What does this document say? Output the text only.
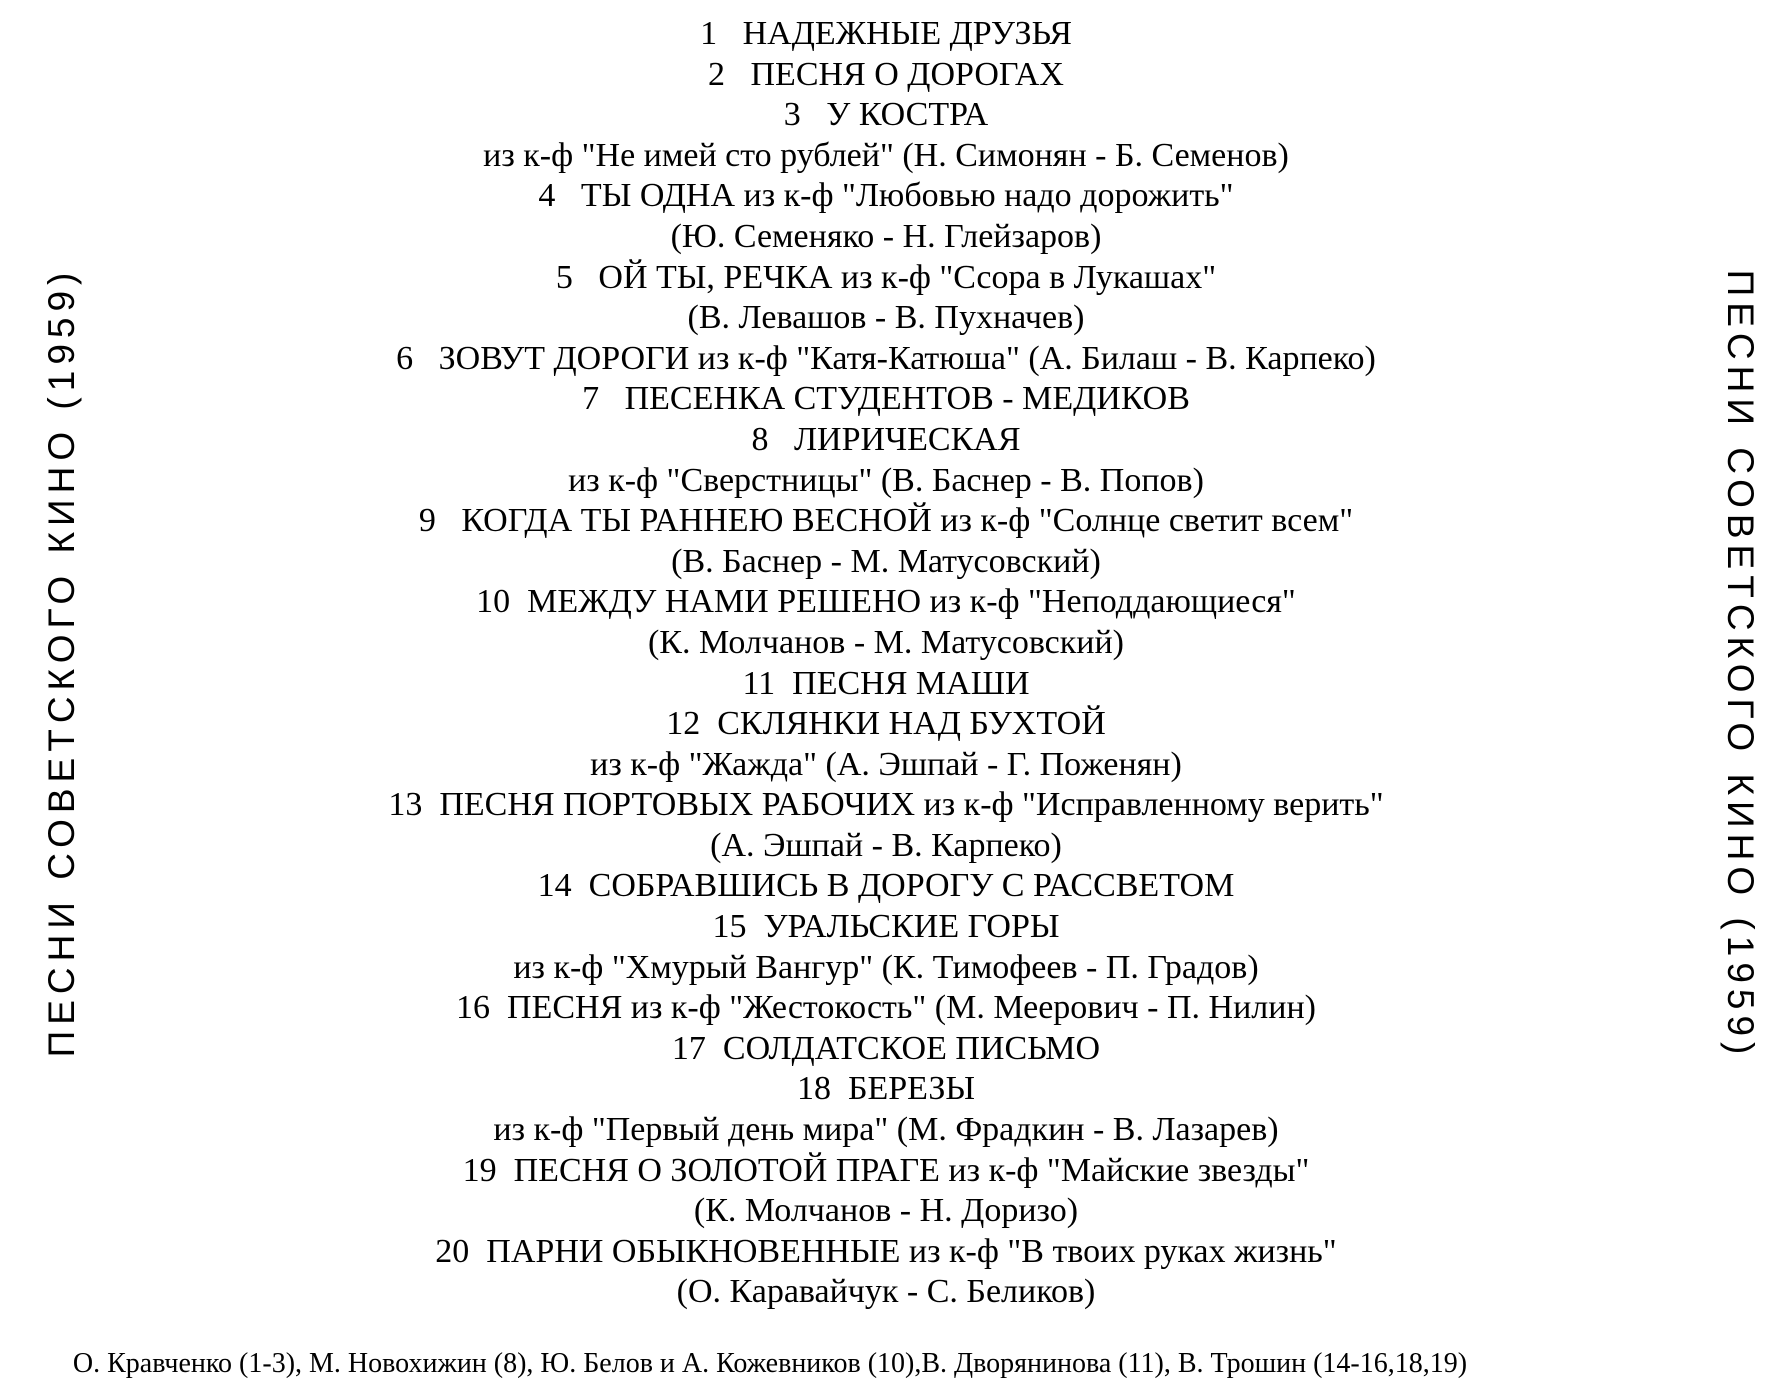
ПЕСНИ СОВЕТСКОГО КИНО (1959)	ПЕСНИ СОВЕТСКОГО КИНО (1959)
1   НАДЕЖНЫЕ ДРУЗЬЯ
2   ПЕСНЯ О ДОРОГАХ
3   У КОСТРА
из к-ф "Не имей сто рублей" (Н. Симонян - Б. Семенов)
4   ТЫ ОДНА из к-ф "Любовью надо дорожить"
(Ю. Семеняко - Н. Глейзаров)
5   ОЙ ТЫ, РЕЧКА из к-ф "Ссора в Лукашах"
(В. Левашов - В. Пухначев)
6   ЗОВУТ ДОРОГИ из к-ф "Катя-Катюша" (А. Билаш - В. Карпеко)
7   ПЕСЕНКА СТУДЕНТОВ - МЕДИКОВ
8   ЛИРИЧЕСКАЯ
из к-ф "Сверстницы" (В. Баснер - В. Попов)
9   КОГДА ТЫ РАННЕЮ ВЕСНОЙ из к-ф "Солнце светит всем"
(В. Баснер - М. Матусовский)
10  МЕЖДУ НАМИ РЕШЕНО из к-ф "Неподдающиеся"
(К. Молчанов - М. Матусовский)
11  ПЕСНЯ МАШИ
12  СКЛЯНКИ НАД БУХТОЙ
из к-ф "Жажда" (А. Эшпай - Г. Поженян)
13  ПЕСНЯ ПОРТОВЫХ РАБОЧИХ из к-ф "Исправленному верить"
(А. Эшпай - В. Карпеко)
14  СОБРАВШИСЬ В ДОРОГУ С РАССВЕТОМ
15  УРАЛЬСКИЕ ГОРЫ
из к-ф "Хмурый Вангур" (К. Тимофеев - П. Градов)
16  ПЕСНЯ из к-ф "Жестокость" (М. Меерович - П. Нилин)
17  СОЛДАТСКОЕ ПИСЬМО
18  БЕРЕЗЫ
из к-ф "Первый день мира" (М. Фрадкин - В. Лазарев)
19  ПЕСНЯ О ЗОЛОТОЙ ПРАГЕ из к-ф "Майские звезды"
(К. Молчанов - Н. Доризо)
20  ПАРНИ ОБЫКНОВЕННЫЕ из к-ф "В твоих руках жизнь"
(О. Каравайчук - С. Беликов)
О. Кравченко (1-3), М. Новохижин (8), Ю. Белов и А. Кожевников (10),В. Дворянинова (11), В. Трошин (14-16,18,19)
